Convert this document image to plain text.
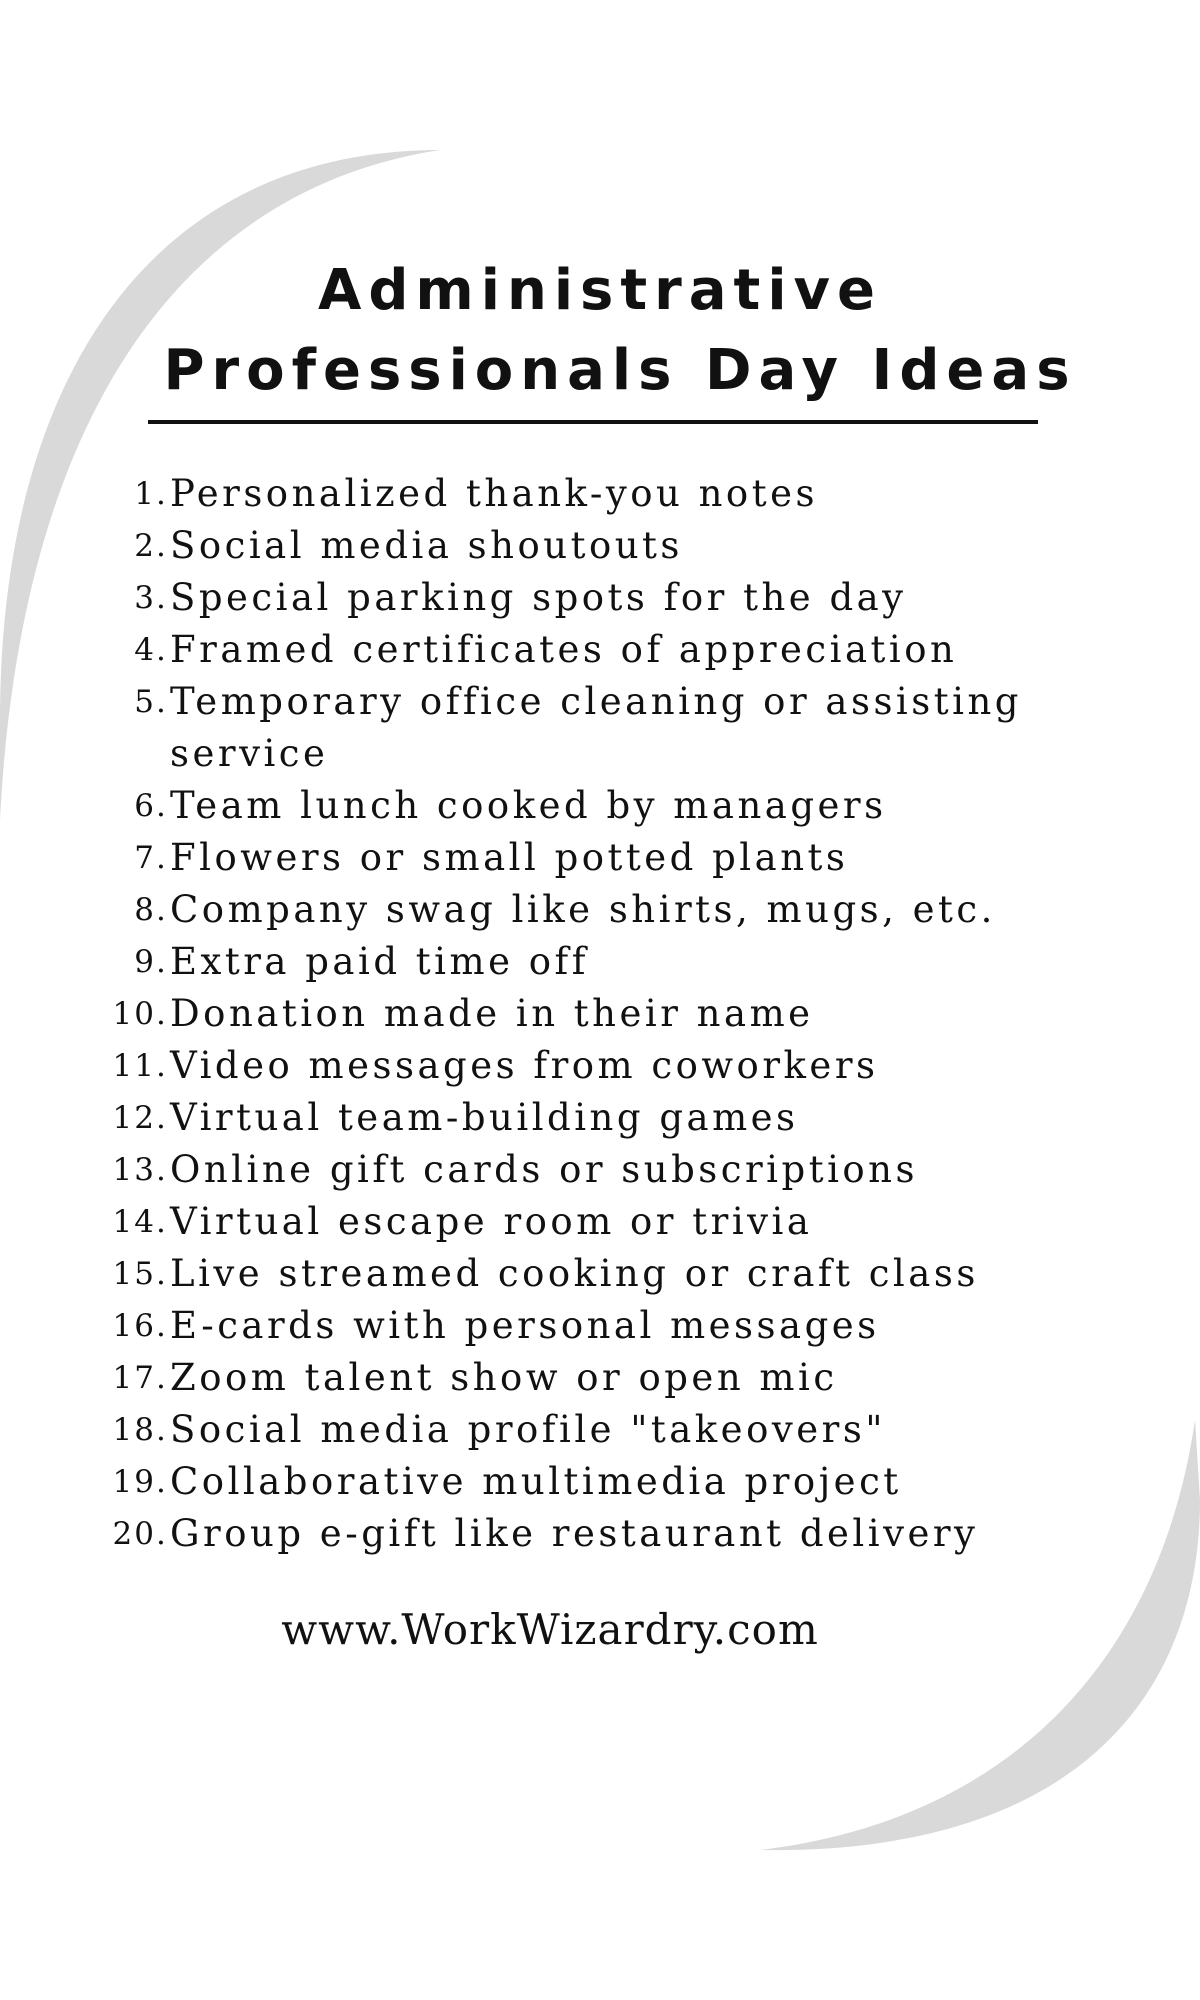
Administrative
Professionals Day Ideas
1 . Personalized thank-you notes
2 . Social media shoutouts
3 . Special parking spots for the day
4 . Framed certificates of appreciation
5 . Temporary office cleaning or assisting service
6 . Team lunch cooked by managers
7 . Flowers or small potted plants
8 . Company swag like shirts, mugs, etc.
9 . Extra paid time off
10 . Donation made in their name
11 . Video messages from coworkers
12 . Virtual team-building games
13 . Online gift cards or subscriptions
14 . Virtual escape room or trivia
15 . Live streamed cooking or craft class
16 . E-cards with personal messages
17 . Zoom talent show or open mic
18 . Social media profile "takeovers"
19 . Collaborative multimedia project
20 . Group e-gift like restaurant delivery
www.WorkWizardry.com
